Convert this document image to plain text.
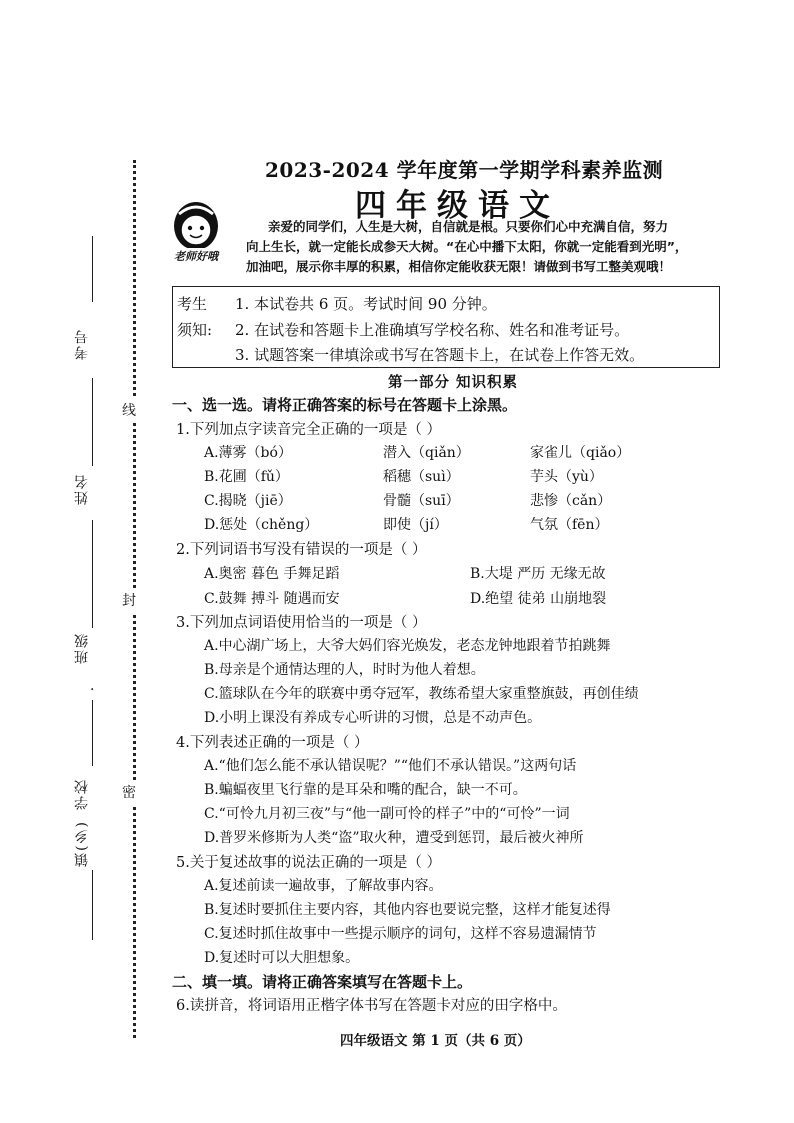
考号
姓名
班级
·
学校
镇(乡)
线
封
密
2023-2024 学年度第一学期学科素养监测
四年级语文
老师好哦
亲爱的同学们，人生是大树，自信就是根。只要你们心中充满自信，努力
向上生长，就一定能长成参天大树。“在心中播下太阳，你就一定能看到光明”，
加油吧，展示你丰厚的积累，相信你定能收获无限！请做到书写工整美观哦！
考生
须知:
1. 本试卷共 6 页。考试时间 90 分钟。
2. 在试卷和答题卡上准确填写学校名称、姓名和准考证号。
3. 试题答案一律填涂或书写在答题卡上，在试卷上作答无效。
第一部分 知识积累
一、选一选。请将正确答案的标号在答题卡上涂黑。
1.下列加点字读音完全正确的一项是（ ）
A.薄雾（bó）	潜入（qiǎn）	家雀儿（qiǎo）
B.花圃（fǔ）	稻穗（suì）	芋头（yù）
C.揭晓（jiē）	骨髓（suī）	悲惨（cǎn）
D.惩处（chěng）	即使（jí）	气氛（fēn）
2.下列词语书写没有错误的一项是（ ）
A.奥密 暮色 手舞足蹈	B.大堤 严历 无缘无故
C.鼓舞 搏斗 随遇而安	D.绝望 徒弟 山崩地裂
3.下列加点词语使用恰当的一项是（ ）
A.中心湖广场上，大爷大妈们容光焕发，老态龙钟地跟着节拍跳舞
B.母亲是个通情达理的人，时时为他人着想。
C.篮球队在今年的联赛中勇夺冠军，教练希望大家重整旗鼓，再创佳绩
D.小明上课没有养成专心听讲的习惯，总是不动声色。
4.下列表述正确的一项是（ ）
A.“他们怎么能不承认错误呢？”“他们不承认错误。”这两句话
B.蝙蝠夜里飞行靠的是耳朵和嘴的配合，缺一不可。
C.“可怜九月初三夜”与“他一副可怜的样子”中的“可怜”一词
D.普罗米修斯为人类“盗”取火种，遭受到惩罚，最后被火神所
5.关于复述故事的说法正确的一项是（ ）
A.复述前读一遍故事，了解故事内容。
B.复述时要抓住主要内容，其他内容也要说完整，这样才能复述得
C.复述时抓住故事中一些提示顺序的词句，这样不容易遗漏情节
D.复述时可以大胆想象。
二、填一填。请将正确答案填写在答题卡上。
6.读拼音，将词语用正楷字体书写在答题卡对应的田字格中。
四年级语文 第 1 页（共 6 页）
